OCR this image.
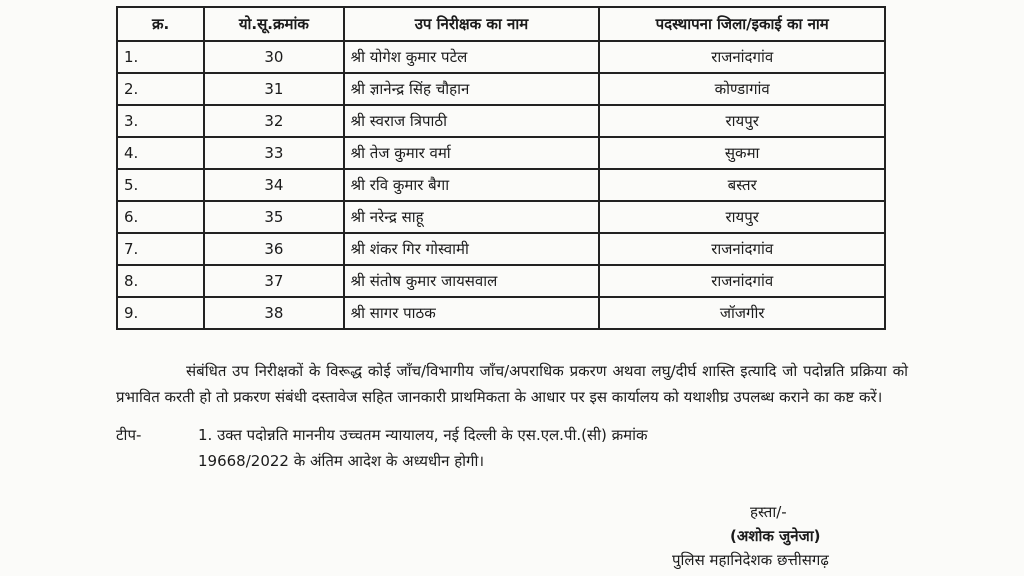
क्र.	यो.सू.क्रमांक	उप निरीक्षक का नाम	पदस्थापना जिला/इकाई का नाम
1.	30	श्री योगेश कुमार पटेल	राजनांदगांव
2.	31	श्री ज्ञानेन्द्र सिंह चौहान	कोण्डागांव
3.	32	श्री स्वराज त्रिपाठी	रायपुर
4.	33	श्री तेज कुमार वर्मा	सुकमा
5.	34	श्री रवि कुमार बैगा	बस्तर
6.	35	श्री नरेन्द्र साहू	रायपुर
7.	36	श्री शंकर गिर गोस्वामी	राजनांदगांव
8.	37	श्री संतोष कुमार जायसवाल	राजनांदगांव
9.	38	श्री सागर पाठक	जॉजगीर

संबंधित उप निरीक्षकों के विरूद्ध कोई जाँच/विभागीय जाँच/अपराधिक प्रकरण अथवा लघु/दीर्घ शास्ति इत्यादि जो पदोन्नति प्रक्रिया को प्रभावित करती हो तो प्रकरण संबंधी दस्तावेज सहित जानकारी प्राथमिकता के आधार पर इस कार्यालय को यथाशीघ्र उपलब्ध कराने का कष्ट करें।

टीप-	1. उक्त पदोन्नति माननीय उच्चतम न्यायालय, नई दिल्ली के एस.एल.पी.(सी) क्रमांक
19668/2022 के अंतिम आदेश के अध्यधीन होगी।
हस्ता/-
(अशोक जुनेजा)
पुलिस महानिदेशक छत्तीसगढ़
